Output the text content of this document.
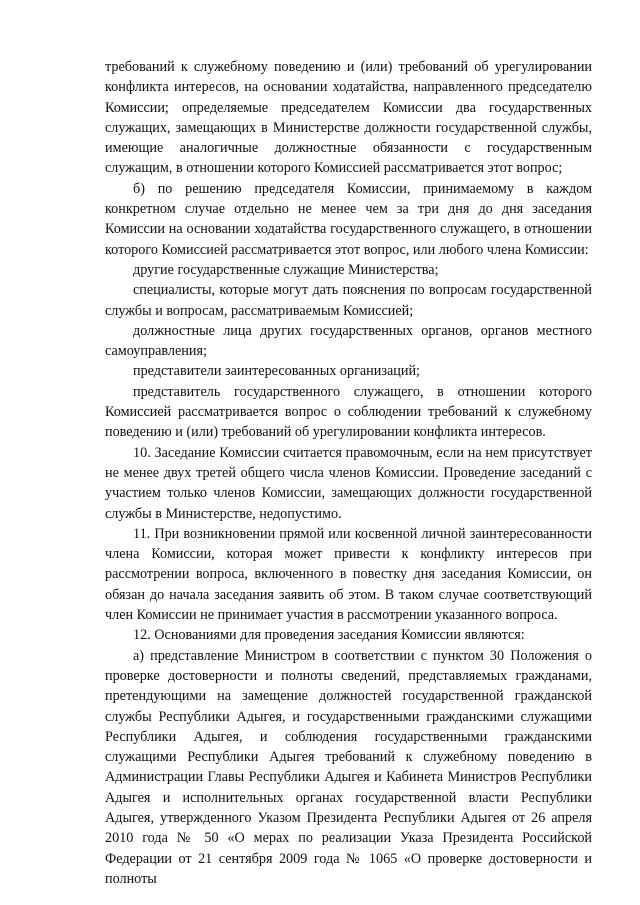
требований к служебному поведению и (или) требований об урегулировании конфликта интересов, на основании ходатайства, направленного председателю Комиссии; определяемые председателем Комиссии два государственных служащих, замещающих в Министерстве должности государственной службы, имеющие аналогичные должностные обязанности с государственным служащим, в отношении которого Комиссией рассматривается этот вопрос;

б) по решению председателя Комиссии, принимаемому в каждом конкретном случае отдельно не менее чем за три дня до дня заседания Комиссии на основании ходатайства государственного служащего, в отношении которого Комиссией рассматривается этот вопрос, или любого члена Комиссии:

другие государственные служащие Министерства;

специалисты, которые могут дать пояснения по вопросам государственной службы и вопросам, рассматриваемым Комиссией;

должностные лица других государственных органов, органов местного самоуправления;

представители заинтересованных организаций;

представитель государственного служащего, в отношении которого Комиссией рассматривается вопрос о соблюдении требований к служебному поведению и (или) требований об урегулировании конфликта интересов.

10. Заседание Комиссии считается правомочным, если на нем присутствует не менее двух третей общего числа членов Комиссии. Проведение заседаний с участием только членов Комиссии, замещающих должности государственной службы в Министерстве, недопустимо.

11. При возникновении прямой или косвенной личной заинтересованности члена Комиссии, которая может привести к конфликту интересов при рассмотрении вопроса, включенного в повестку дня заседания Комиссии, он обязан до начала заседания заявить об этом. В таком случае соответствующий член Комиссии не принимает участия в рассмотрении указанного вопроса.

12. Основаниями для проведения заседания Комиссии являются:

а) представление Министром в соответствии с пунктом 30 Положения о проверке достоверности и полноты сведений, представляемых гражданами, претендующими на замещение должностей государственной гражданской службы Республики Адыгея, и государственными гражданскими служащими Республики Адыгея, и соблюдения государственными гражданскими служащими Республики Адыгея требований к служебному поведению в Администрации Главы Республики Адыгея и Кабинета Министров Республики Адыгея и исполнительных органах государственной власти Республики Адыгея, утвержденного Указом Президента Республики Адыгея от 26 апреля 2010 года № 50 «О мерах по реализации Указа Президента Российской Федерации от 21 сентября 2009 года № 1065 «О проверке достоверности и полноты
